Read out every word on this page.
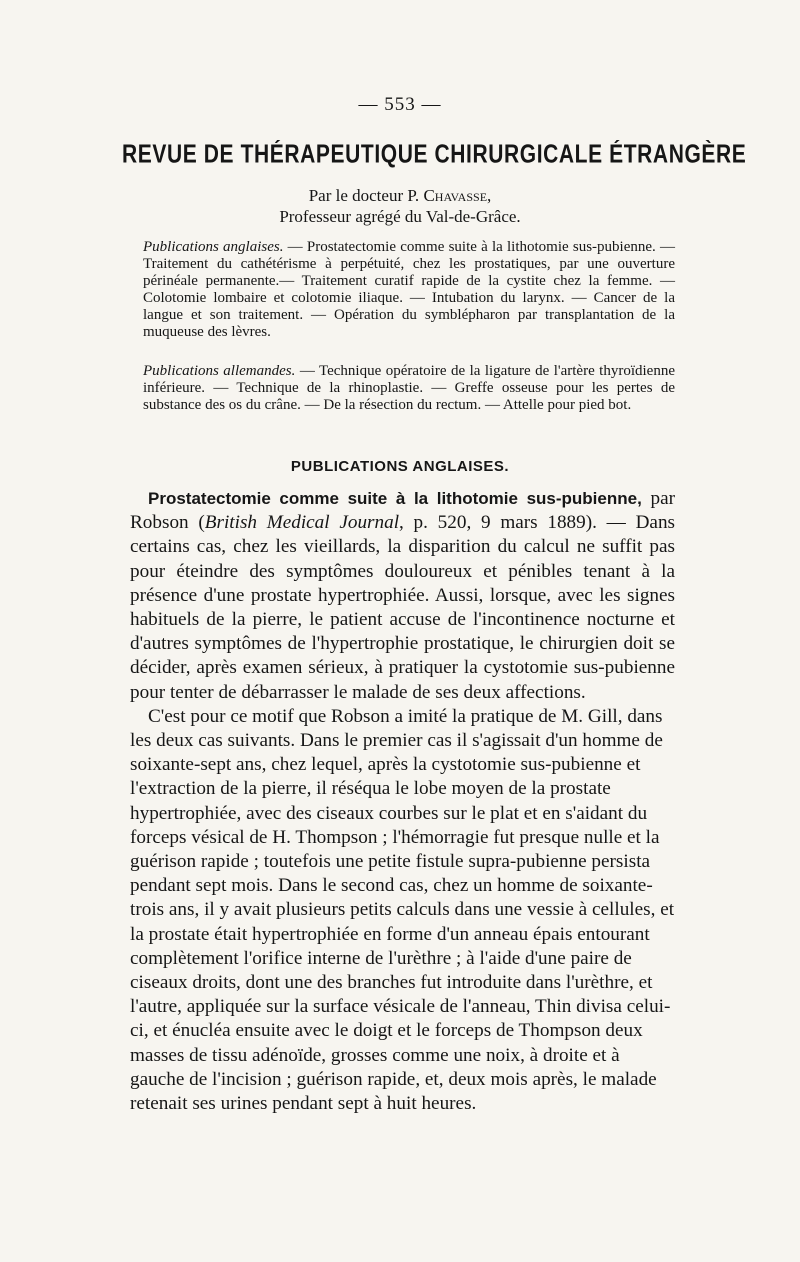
— 553 —
REVUE DE THÉRAPEUTIQUE CHIRURGICALE ÉTRANGÈRE
Par le docteur P. Chavasse,
Professeur agrégé du Val-de-Grâce.

Publications anglaises. — Prostatectomie comme suite à la lithotomie sus-pubienne. — Traitement du cathétérisme à perpétuité, chez les prostatiques, par une ouverture périnéale permanente.— Traitement curatif rapide de la cystite chez la femme. — Colotomie lombaire et colotomie iliaque. — Intubation du larynx. — Cancer de la langue et son traitement. — Opération du symblépharon par transplantation de la muqueuse des lèvres.

Publications allemandes. — Technique opératoire de la ligature de l'artère thyroïdienne inférieure. — Technique de la rhinoplastie. — Greffe osseuse pour les pertes de substance des os du crâne. — De la résection du rectum. — Attelle pour pied bot.

PUBLICATIONS ANGLAISES.

Prostatectomie comme suite à la lithotomie sus-pubienne, par Robson (British Medical Journal, p. 520, 9 mars 1889). — Dans certains cas, chez les vieillards, la disparition du calcul ne suffit pas pour éteindre des symptômes douloureux et pénibles tenant à la présence d'une prostate hypertrophiée. Aussi, lorsque, avec les signes habituels de la pierre, le patient accuse de l'incontinence nocturne et d'autres symptômes de l'hypertrophie prostatique, le chirurgien doit se décider, après examen sérieux, à pratiquer la cystotomie sus-pubienne pour tenter de débarrasser le malade de ses deux affections.

C'est pour ce motif que Robson a imité la pratique de M. Gill, dans les deux cas suivants. Dans le premier cas il s'agissait d'un homme de soixante-sept ans, chez lequel, après la cystotomie sus-pubienne et l'extraction de la pierre, il réséqua le lobe moyen de la prostate hypertrophiée, avec des ciseaux courbes sur le plat et en s'aidant du forceps vésical de H. Thompson ; l'hémorragie fut presque nulle et la guérison rapide ; toutefois une petite fistule supra-pubienne persista pendant sept mois. Dans le second cas, chez un homme de soixante-trois ans, il y avait plusieurs petits calculs dans une vessie à cellules, et la prostate était hypertrophiée en forme d'un anneau épais entourant complètement l'orifice interne de l'urèthre ; à l'aide d'une paire de ciseaux droits, dont une des branches fut introduite dans l'urèthre, et l'autre, appliquée sur la surface vésicale de l'anneau, Thin divisa celui-ci, et énucléa ensuite avec le doigt et le forceps de Thompson deux masses de tissu adénoïde, grosses comme une noix, à droite et à gauche de l'incision ; guérison rapide, et, deux mois après, le malade retenait ses urines pendant sept à huit heures.
